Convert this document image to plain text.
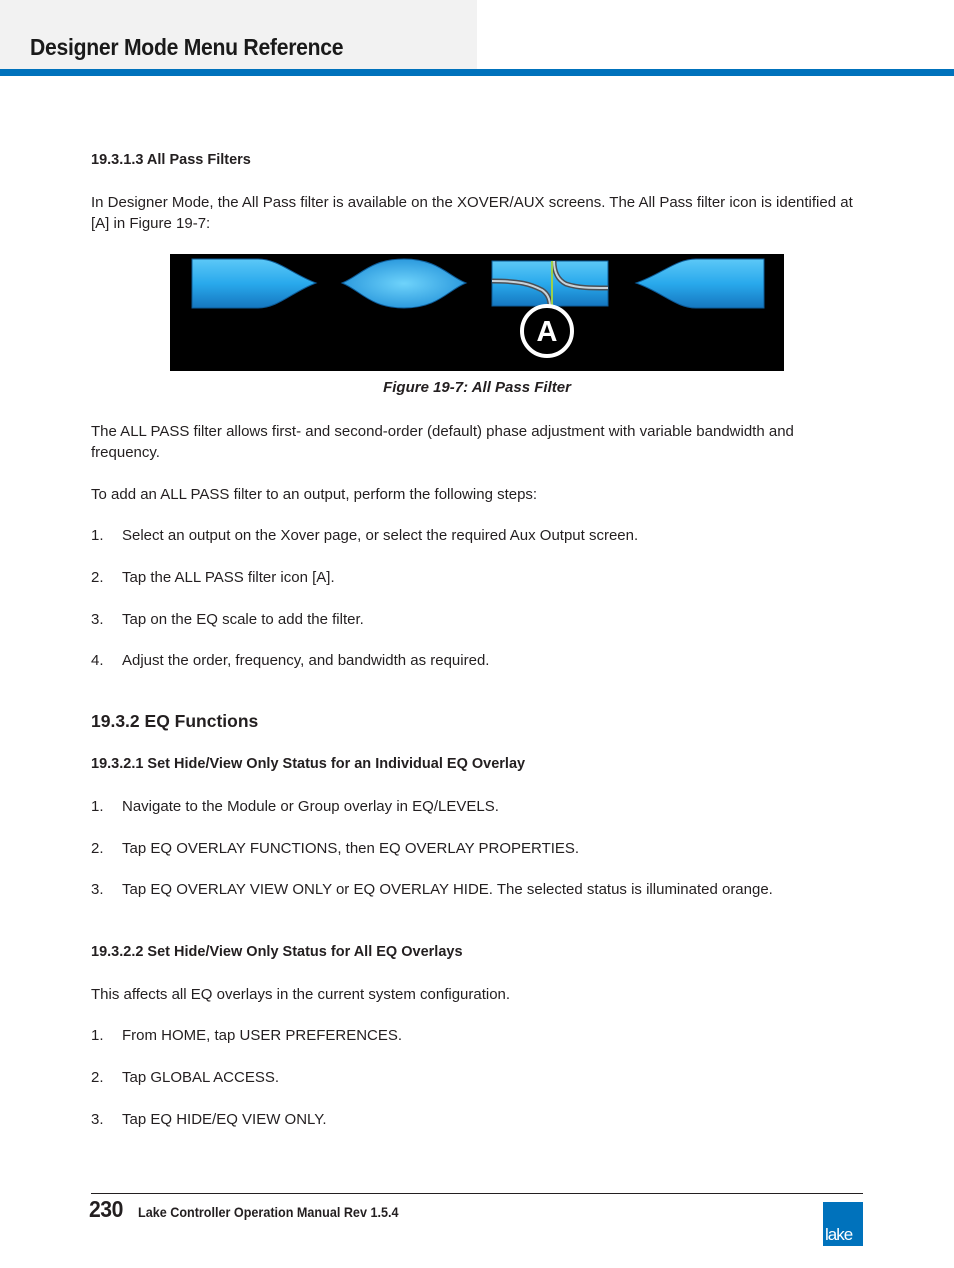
Designer Mode Menu Reference

19.3.1.3 All Pass Filters

In Designer Mode, the All Pass filter is available on the XOVER/AUX screens. The All Pass filter icon is identified at [A] in Figure 19-7:

A

Figure 19-7: All Pass Filter

The ALL PASS filter allows first- and second-order (default) phase adjustment with variable bandwidth and frequency.

To add an ALL PASS filter to an output, perform the following steps:

1. Select an output on the Xover page, or select the required Aux Output screen.
2. Tap the ALL PASS filter icon [A].
3. Tap on the EQ scale to add the filter.
4. Adjust the order, frequency, and bandwidth as required.

19.3.2 EQ Functions

19.3.2.1 Set Hide/View Only Status for an Individual EQ Overlay

1. Navigate to the Module or Group overlay in EQ/LEVELS.
2. Tap EQ OVERLAY FUNCTIONS, then EQ OVERLAY PROPERTIES.
3. Tap EQ OVERLAY VIEW ONLY or EQ OVERLAY HIDE. The selected status is illuminated orange.

19.3.2.2 Set Hide/View Only Status for All EQ Overlays

This affects all EQ overlays in the current system configuration.

1. From HOME, tap USER PREFERENCES.
2. Tap GLOBAL ACCESS.
3. Tap EQ HIDE/EQ VIEW ONLY.
230 Lake Controller Operation Manual Rev 1.5.4
lake
